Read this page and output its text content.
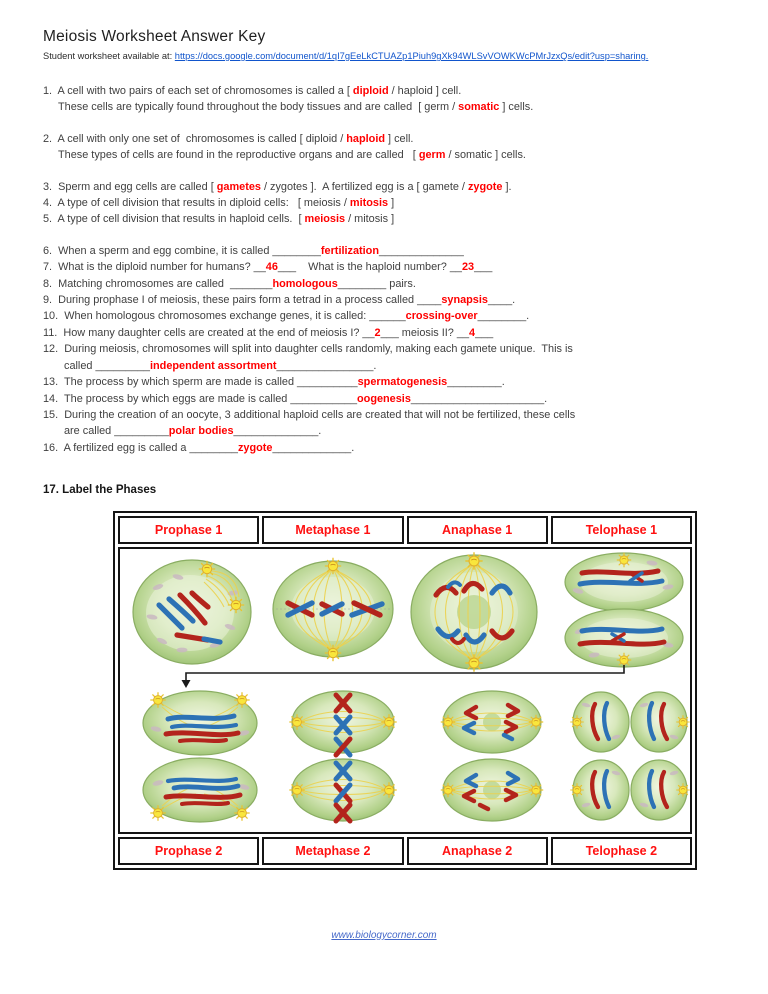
Meiosis Worksheet Answer Key
Student worksheet available at: https://docs.google.com/document/d/1qI7gEeLkCTUAZp1Piuh9gXk94WLSvVOWKWcPMrJzxQs/edit?usp=sharing.
1.  A cell with two pairs of each set of chromosomes is called a [ diploid / haploid ] cell.
These cells are typically found throughout the body tissues and are called  [ germ / somatic ] cells.
2.  A cell with only one set of  chromosomes is called [ diploid / haploid ] cell.
These types of cells are found in the reproductive organs and are called   [ germ / somatic ] cells.
3.  Sperm and egg cells are called [ gametes / zygotes ].  A fertilized egg is a [ gamete / zygote ].
4.  A type of cell division that results in diploid cells:   [ meiosis / mitosis ]
5.  A type of cell division that results in haploid cells.  [ meiosis / mitosis ]
6.  When a sperm and egg combine, it is called ________fertilization______________
7.  What is the diploid number for humans? __46___    What is the haploid number? __23___
8.  Matching chromosomes are called  _______homologous________ pairs.
9.  During prophase I of meiosis, these pairs form a tetrad in a process called ____synapsis____.
10.  When homologous chromosomes exchange genes, it is called: ______crossing-over________.
11.  How many daughter cells are created at the end of meiosis I? __2___ meiosis II? __4___
12.  During meiosis, chromosomes will split into daughter cells randomly, making each gamete unique.  This is
called _________independent assortment________________.
13.  The process by which sperm are made is called __________spermatogenesis_________.
14.  The process by which eggs are made is called ___________oogenesis______________________.
15.  During the creation of an oocyte, 3 additional haploid cells are created that will not be fertilized, these cells
are called _________polar bodies______________.
16.  A fertilized egg is called a ________zygote_____________.
17. Label the Phases
Prophase 1	Metaphase 1	Anaphase 1	Telophase 1

Prophase 2	Metaphase 2	Anaphase 2	Telophase 2
www.biologycorner.com
